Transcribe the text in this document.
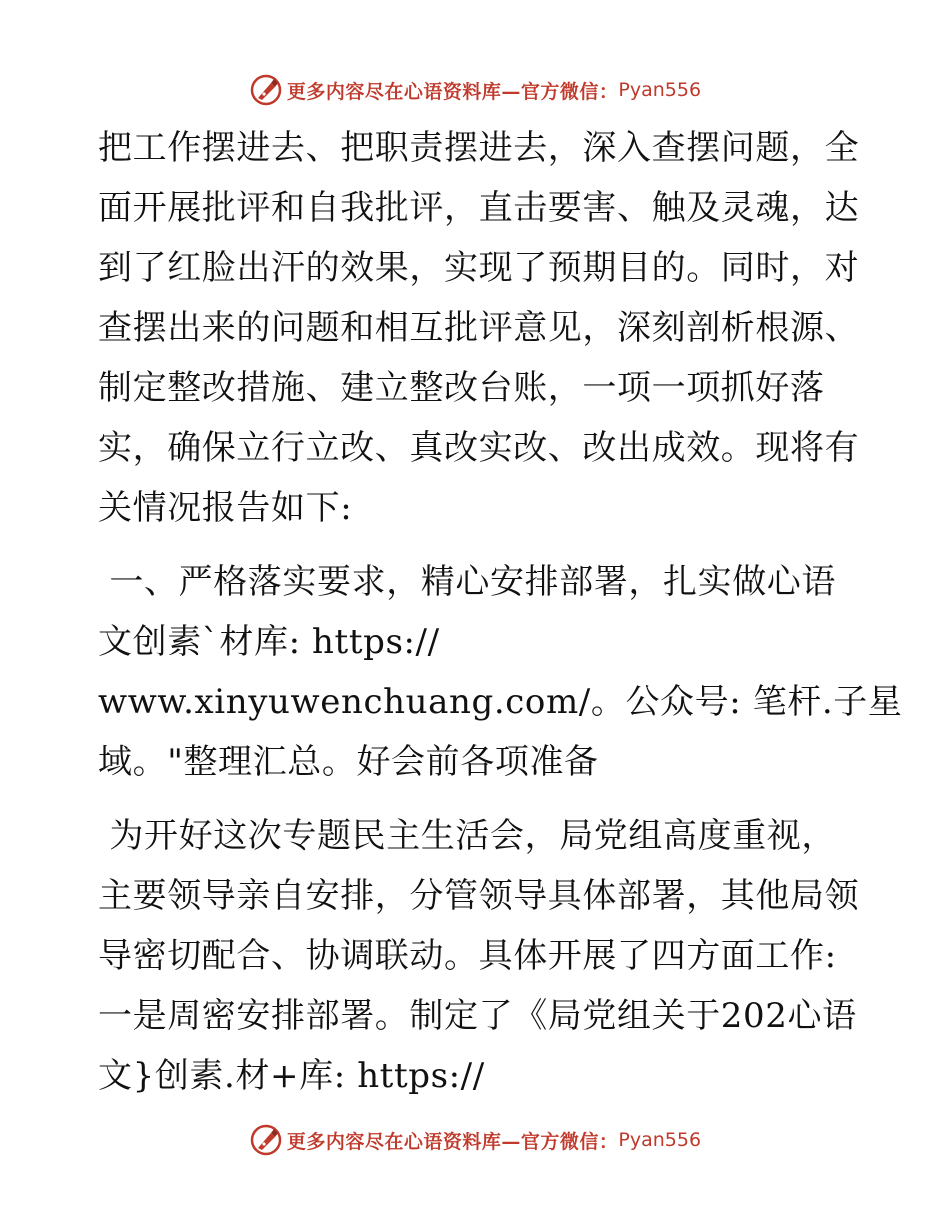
更多内容尽在心语资料库—官方微信： Pyan556

把工作摆进去、把职责摆进去，深入查摆问题，全
面开展批评和自我批评，直击要害、触及灵魂，达
到了红脸出汗的效果，实现了预期目的。同时，对
查摆出来的问题和相互批评意见，深刻剖析根源、
制定整改措施、建立整改台账，一项一项抓好落
实，确保立行立改、真改实改、改出成效。现将有
关情况报告如下:

一、严格落实要求，精心安排部署，扎实做心语
文创素`材库: https://
www.xinyuwenchuang.com/。公众号: 笔杆.子星
域。"整理汇总。好会前各项准备

为开好这次专题民主生活会，局党组高度重视，
主要领导亲自安排，分管领导具体部署，其他局领
导密切配合、协调联动。具体开展了四方面工作:
一是周密安排部署。制定了《局党组关于202心语
文}创素.材+库: https://

更多内容尽在心语资料库—官方微信： Pyan556
